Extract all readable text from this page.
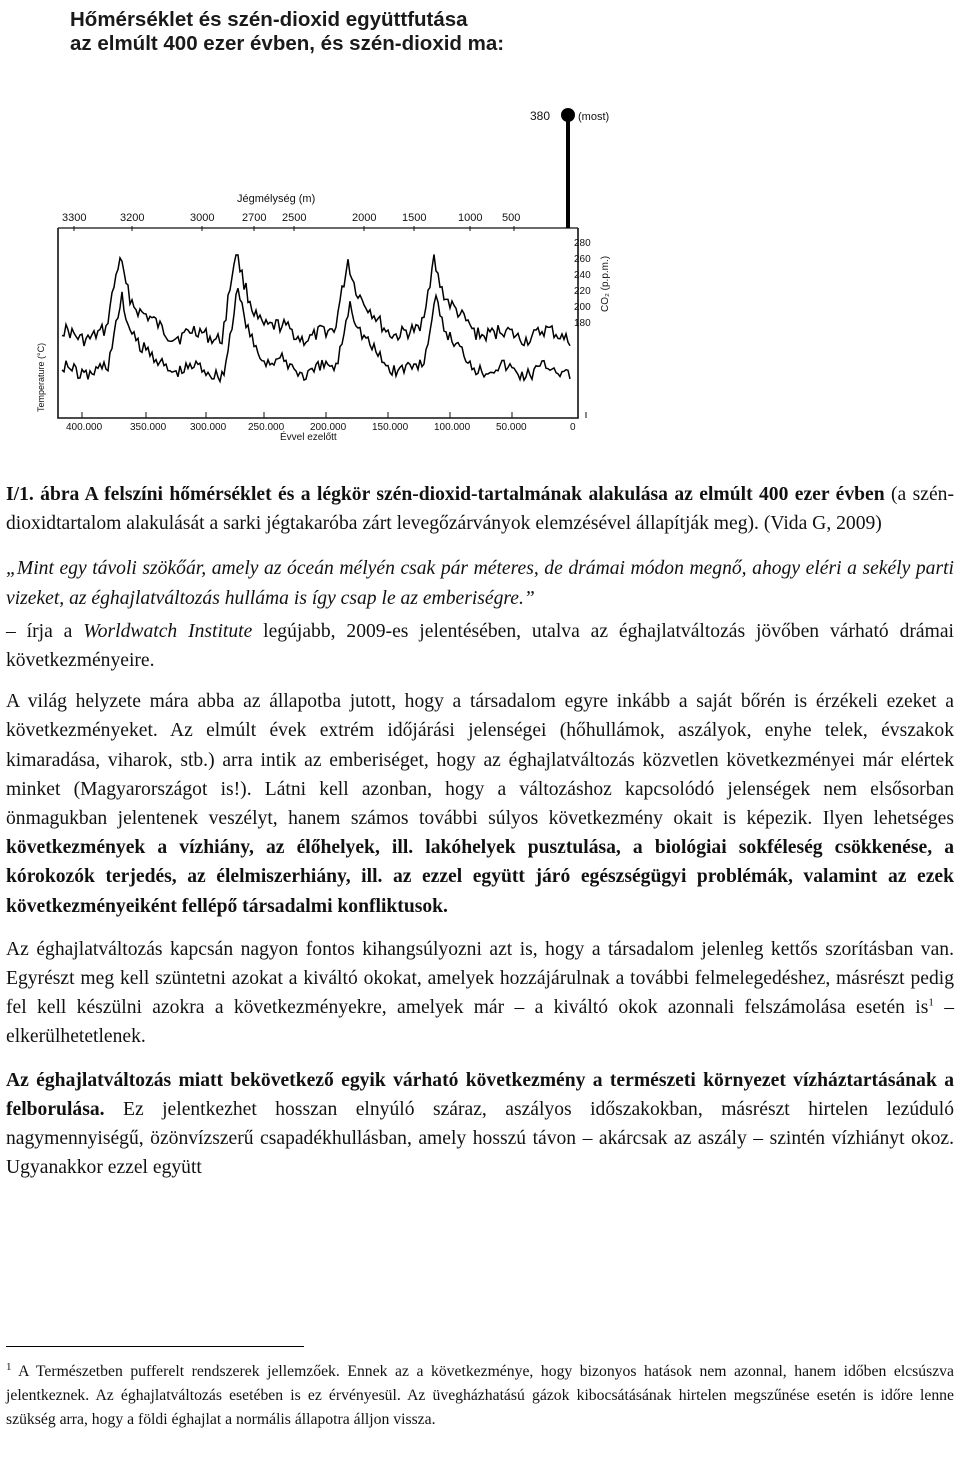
Hőmérséklet és szén-dioxid együttfutása
az elmúlt 400 ezer évben, és szén-dioxid ma:
380	(most)
Jégmélység (m)
3300	3200	3000	2700 2500	2000 1500	1000 500
280
260
240
220
200
180
CO₂ (p.p.m.)
Temperature (°C)
400.000	350.000 300.000 250.000	200.000	150.000	100.000	50.000	0
Évvel ezelőtt

I/1. ábra A felszíni hőmérséklet és a légkör szén-dioxid-tartalmának alakulása az elmúlt 400 ezer évben (a szén-dioxidtartalom alakulását a sarki jégtakaróba zárt levegőzárványok elemzésével állapítják meg). (Vida G, 2009)

„Mint egy távoli szökőár, amely az óceán mélyén csak pár méteres, de drámai módon megnő, ahogy eléri a sekély parti vizeket, az éghajlatváltozás hulláma is így csap le az emberiségre.”

– írja a Worldwatch Institute legújabb, 2009-es jelentésében, utalva az éghajlatváltozás jövőben várható drámai következményeire.

A világ helyzete mára abba az állapotba jutott, hogy a társadalom egyre inkább a saját bőrén is érzékeli ezeket a következményeket. Az elmúlt évek extrém időjárási jelenségei (hőhullámok, aszályok, enyhe telek, évszakok kimaradása, viharok, stb.) arra intik az emberiséget, hogy az éghajlatváltozás közvetlen következményei már elértek minket (Magyarországot is!). Látni kell azonban, hogy a változáshoz kapcsolódó jelenségek nem elsősorban önmagukban jelentenek veszélyt, hanem számos további súlyos következmény okait is képezik. Ilyen lehetséges következmények a vízhiány, az élőhelyek, ill. lakóhelyek pusztulása, a biológiai sokféleség csökkenése, a kórokozók terjedés, az élelmiszerhiány, ill. az ezzel együtt járó egészségügyi problémák, valamint az ezek következményeiként fellépő társadalmi konfliktusok.

Az éghajlatváltozás kapcsán nagyon fontos kihangsúlyozni azt is, hogy a társadalom jelenleg kettős szorításban van. Egyrészt meg kell szüntetni azokat a kiváltó okokat, amelyek hozzájárulnak a további felmelegedéshez, másrészt pedig fel kell készülni azokra a következményekre, amelyek már – a kiváltó okok azonnali felszámolása esetén $is^1$ – elkerülhetetlenek.

Az éghajlatváltozás miatt bekövetkező egyik várható következmény a természeti környezet vízháztartásának a felborulása. Ez jelentkezhet hosszan elnyúló száraz, aszályos időszakokban, másrészt hirtelen lezúduló nagymennyiségű, özönvízszerű csapadékhullásban, amely hosszú távon – akárcsak az aszály – szintén vízhiányt okoz. Ugyanakkor ezzel együtt

$^1$ A Természetben pufferelt rendszerek jellemzőek. Ennek az a következménye, hogy bizonyos hatások nem azonnal, hanem időben elcsúszva jelentkeznek. Az éghajlatváltozás esetében is ez érvényesül. Az üvegházhatású gázok kibocsátásának hirtelen megszűnése esetén is időre lenne szükség arra, hogy a földi éghajlat a normális állapotra álljon vissza.
